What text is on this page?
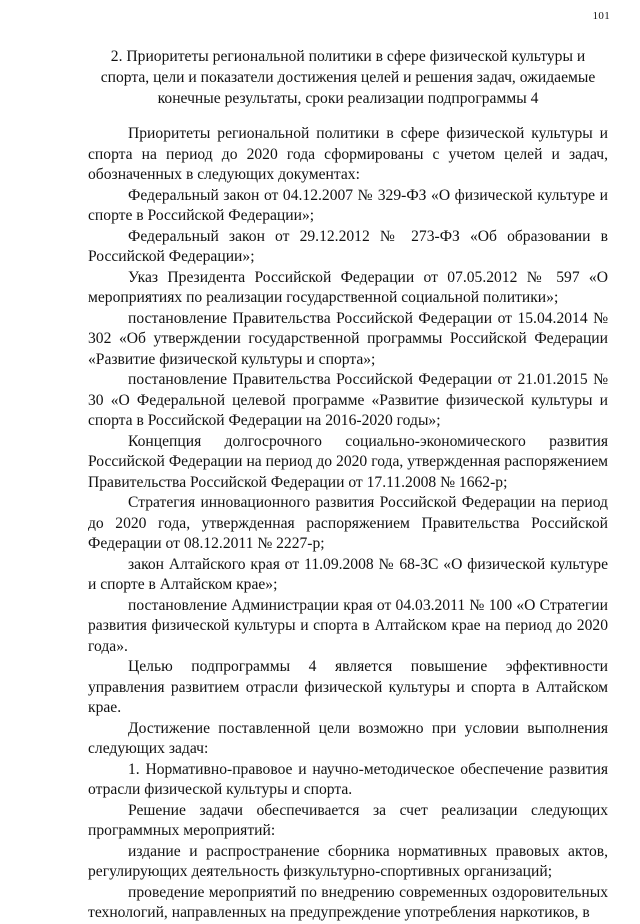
101
2. Приоритеты региональной политики в сфере физической культуры и спорта, цели и показатели достижения целей и решения задач, ожидаемые конечные результаты, сроки реализации подпрограммы 4

Приоритеты региональной политики в сфере физической культуры и спорта на период до 2020 года сформированы с учетом целей и задач, обозначенных в следующих документах:

Федеральный закон от 04.12.2007 № 329-ФЗ «О физической культуре и спорте в Российской Федерации»;

Федеральный закон от 29.12.2012 № 273-ФЗ «Об образовании в Российской Федерации»;

Указ Президента Российской Федерации от 07.05.2012 № 597 «О мероприятиях по реализации государственной социальной политики»;

постановление Правительства Российской Федерации от 15.04.2014 № 302 «Об утверждении государственной программы Российской Федерации «Развитие физической культуры и спорта»;

постановление Правительства Российской Федерации от 21.01.2015 № 30 «О Федеральной целевой программе «Развитие физической культуры и спорта в Российской Федерации на 2016-2020 годы»;

Концепция долгосрочного социально-экономического развития Российской Федерации на период до 2020 года, утвержденная распоряжением Правительства Российской Федерации от 17.11.2008 № 1662-р;

Стратегия инновационного развития Российской Федерации на период до 2020 года, утвержденная распоряжением Правительства Российской Федерации от 08.12.2011 № 2227-р;

закон Алтайского края от 11.09.2008 № 68-ЗС «О физической культуре и спорте в Алтайском крае»;

постановление Администрации края от 04.03.2011 № 100 «О Стратегии развития физической культуры и спорта в Алтайском крае на период до 2020 года».

Целью подпрограммы 4 является повышение эффективности управления развитием отрасли физической культуры и спорта в Алтайском крае.

Достижение поставленной цели возможно при условии выполнения следующих задач:

1. Нормативно-правовое и научно-методическое обеспечение развития отрасли физической культуры и спорта.

Решение задачи обеспечивается за счет реализации следующих программных мероприятий:

издание и распространение сборника нормативных правовых актов, регулирующих деятельность физкультурно-спортивных организаций;

проведение мероприятий по внедрению современных оздоровительных технологий, направленных на предупреждение употребления наркотиков, в
